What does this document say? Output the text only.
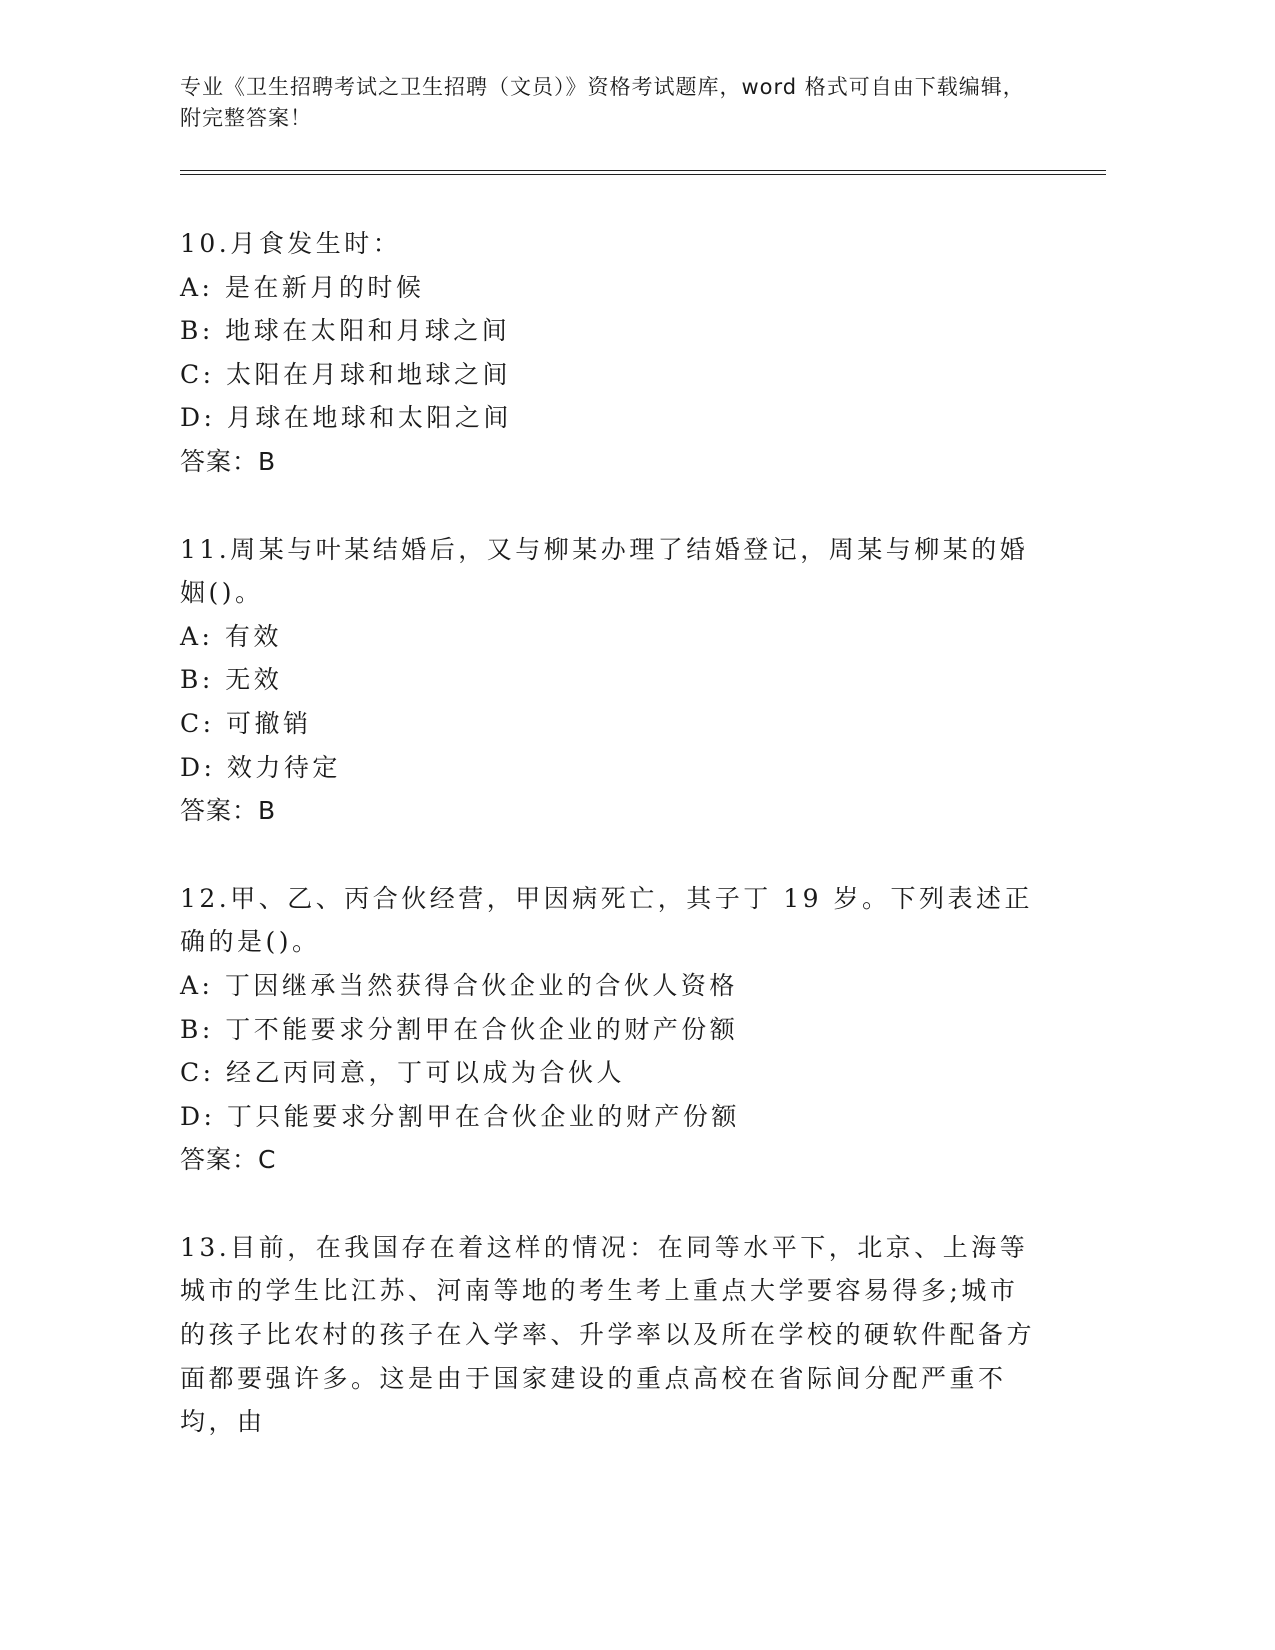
专业《卫生招聘考试之卫生招聘（文员）》资格考试题库，word 格式可自由下载编辑，附完整答案！
10.月食发生时：
A: 是在新月的时候
B: 地球在太阳和月球之间
C: 太阳在月球和地球之间
D: 月球在地球和太阳之间
答案：B
11.周某与叶某结婚后，又与柳某办理了结婚登记，周某与柳某的婚姻()。
A: 有效
B: 无效
C: 可撤销
D: 效力待定
答案：B
12.甲、乙、丙合伙经营，甲因病死亡，其子丁 19 岁。下列表述正确的是()。
A: 丁因继承当然获得合伙企业的合伙人资格
B: 丁不能要求分割甲在合伙企业的财产份额
C: 经乙丙同意，丁可以成为合伙人
D: 丁只能要求分割甲在合伙企业的财产份额
答案：C
13.目前，在我国存在着这样的情况：在同等水平下，北京、上海等城市的学生比江苏、河南等地的考生考上重点大学要容易得多;城市的孩子比农村的孩子在入学率、升学率以及所在学校的硬软件配备方面都要强许多。这是由于国家建设的重点高校在省际间分配严重不均，由
